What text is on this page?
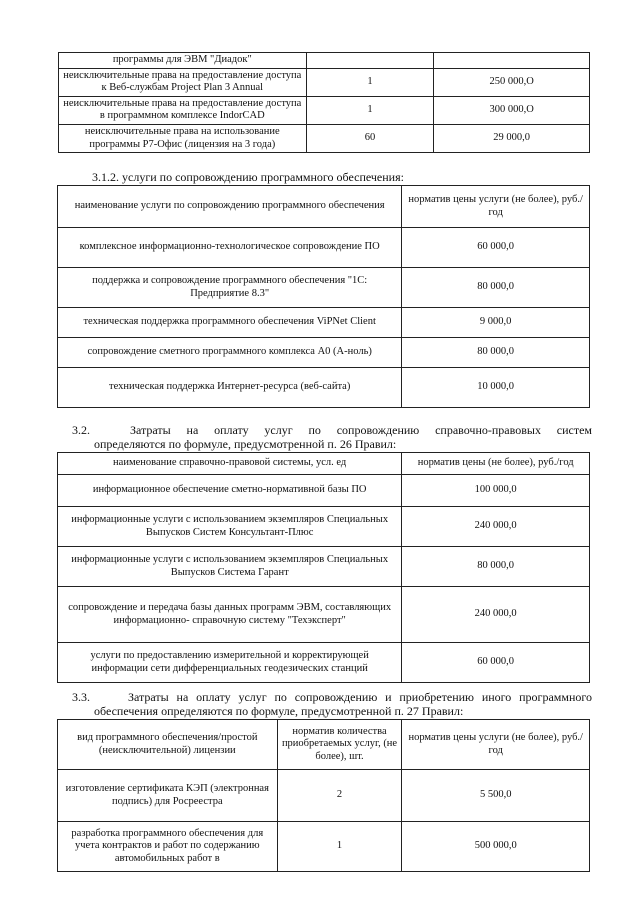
программы для ЭВМ "Диадок"		
неисключительные права на предоставление доступа к Веб-службам Project Plan 3 Annual	1	250 000,О
неисключительные права на предоставление доступа в программном комплексе IndorCAD	1	300 000,О
неисключительные права на использование программы Р7-Офис (лицензия на 3 года)	60	29 000,0
3.1.2. услуги по сопровождению программного обеспечения:
наименование услуги по сопровождению программного обеспечения	норматив цены услуги (не более), руб./год
комплексное информационно-технологическое сопровождение ПО	60 000,0
поддержка и сопровождение программного обеспечения "1С: Предприятие 8.3"	80 000,0
техническая поддержка программного обеспечения ViPNet Client	9 000,0
сопровождение сметного программного комплекса А0 (А-ноль)	80 000,0
техническая поддержка Интернет-ресурса (веб-сайта)	10 000,0
3.2.	Затраты на оплату услуг по сопровождению справочно-правовых систем
определяются по формуле, предусмотренной п. 26 Правил:
наименование справочно-правовой системы, усл. ед	норматив цены (не более), руб./год
информационное обеспечение сметно-нормативной базы ПО	100 000,0
информационные услуги с использованием экземпляров Специальных Выпусков Систем Консультант-Плюс	240 000,0
информационные услуги с использованием экземпляров Специальных Выпусков Система Гарант	80 000,0
сопровождение и передача базы данных программ ЭВМ, составляющих информационно- справочную систему "Техэксперт"	240 000,0
услуги по предоставлению измерительной и корректирующей информации сети дифференциальных геодезических станций	60 000,0
3.3.	Затраты на оплату услуг по сопровождению и приобретению иного программного
обеспечения определяются по формуле, предусмотренной п. 27 Правил:
вид программного обеспечения/простой (неисключительной) лицензии	норматив количества приобретаемых услуг, (не более), шт.	норматив цены услуги (не более), руб./год
изготовление сертификата КЭП (электронная подпись) для Росреестра	2	5 500,0
разработка программного обеспечения для учета контрактов и работ по содержанию автомобильных работ в	1	500 000,0
